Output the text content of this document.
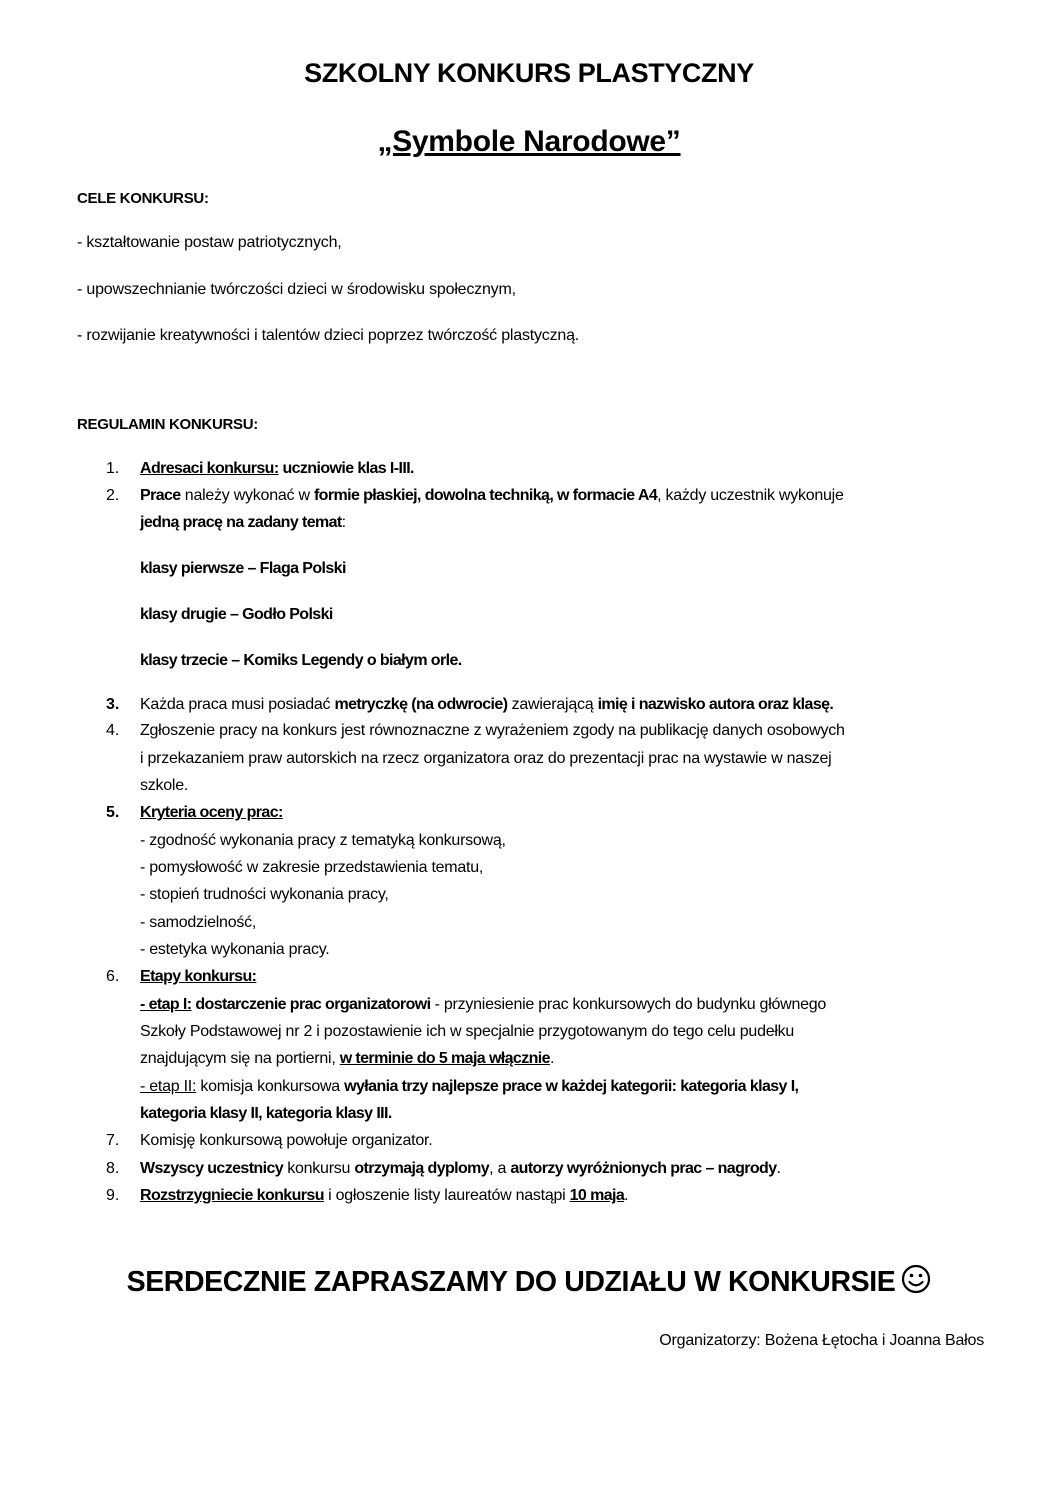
SZKOLNY KONKURS PLASTYCZNY
„Symbole Narodowe”
CELE KONKURSU:
- kształtowanie postaw patriotycznych,
- upowszechnianie twórczości dzieci w środowisku społecznym,
- rozwijanie kreatywności i talentów dzieci poprzez twórczość plastyczną.
REGULAMIN KONKURSU:
1.	Adresaci konkursu: uczniowie klas I-III.
2.	Prace należy wykonać w formie płaskiej, dowolna techniką, w formacie A4, każdy uczestnik wykonuje
jedną pracę na zadany temat:
klasy pierwsze – Flaga Polski
klasy drugie – Godło Polski
klasy trzecie – Komiks Legendy o białym orle.
3.	Każda praca musi posiadać metryczkę (na odwrocie) zawierającą imię i nazwisko autora oraz klasę.
4.	Zgłoszenie pracy na konkurs jest równoznaczne z wyrażeniem zgody na publikację danych osobowych
i przekazaniem praw autorskich na rzecz organizatora oraz do prezentacji prac na wystawie w naszej
szkole.
5.	Kryteria oceny prac:
- zgodność wykonania pracy z tematyką konkursową,
- pomysłowość w zakresie przedstawienia tematu,
- stopień trudności wykonania pracy,
- samodzielność,
- estetyka wykonania pracy.
6.	Etapy konkursu:
- etap I: dostarczenie prac organizatorowi - przyniesienie prac konkursowych do budynku głównego
Szkoły Podstawowej nr 2 i pozostawienie ich w specjalnie przygotowanym do tego celu pudełku
znajdującym się na portierni, w terminie do 5 maja włącznie.
- etap II: komisja konkursowa wyłania trzy najlepsze prace w każdej kategorii: kategoria klasy I,
kategoria klasy II, kategoria klasy III.
7.	Komisję konkursową powołuje organizator.
8.	Wszyscy uczestnicy konkursu otrzymają dyplomy, a autorzy wyróżnionych prac – nagrody.
9.	Rozstrzygniecie konkursu i ogłoszenie listy laureatów nastąpi 10 maja.
SERDECZNIE ZAPRASZAMY DO UDZIAŁU W KONKURSIE
Organizatorzy: Bożena Łętocha i Joanna Bałos
